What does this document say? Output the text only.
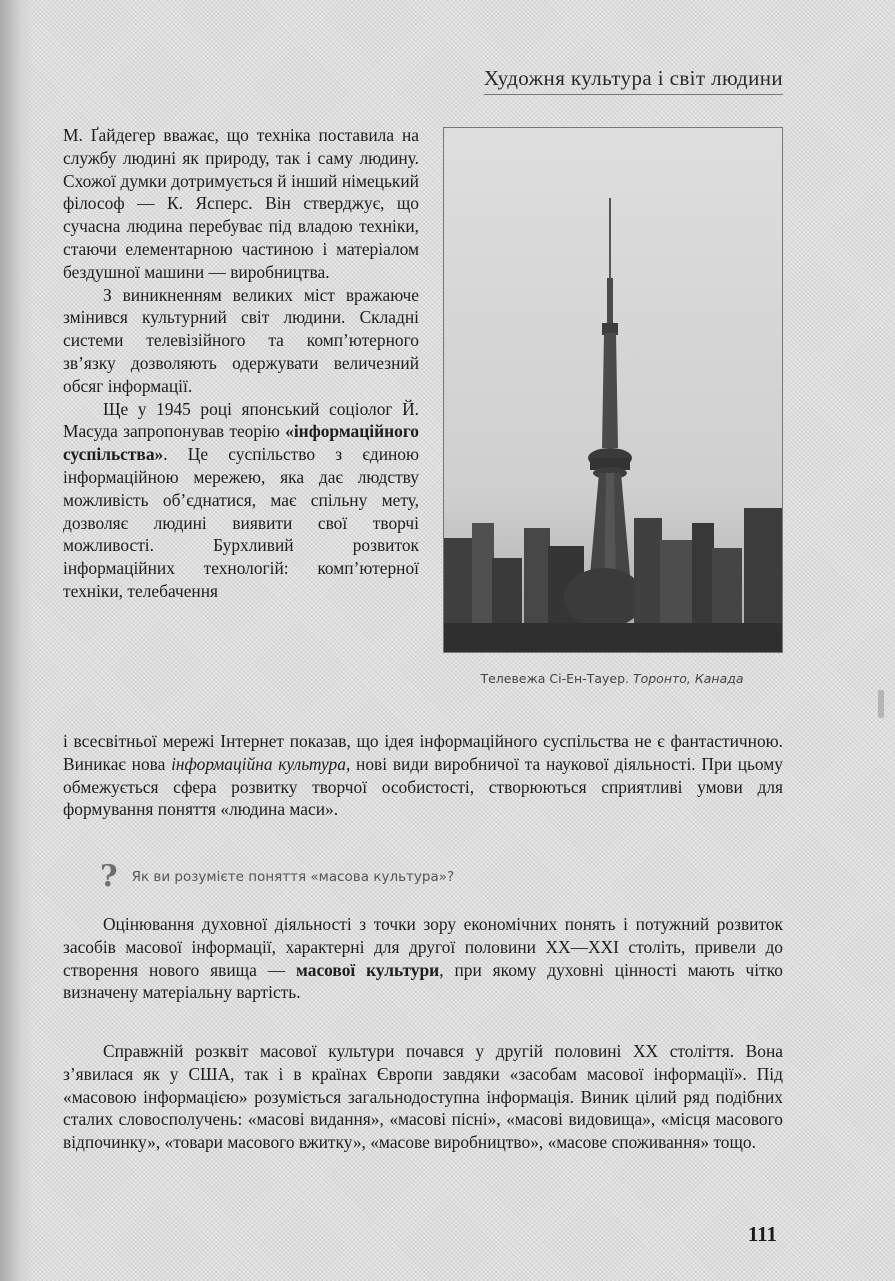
Художня культура і світ людини

М. Ґайдегер вважає, що техніка поставила на службу людині як природу, так і саму людину. Схожої думки дотримується й інший німецький філософ — К. Ясперс. Він стверджує, що сучасна людина перебуває під владою техніки, стаючи елементарною частиною і матеріалом бездушної машини — виробництва.

З виникненням великих міст вражаюче змінився культурний світ людини. Складні системи телевізійного та комп’ютерного зв’язку дозволяють одержувати величезний обсяг інформації.

Ще у 1945 році японський соціолог Й. Масуда запропонував теорію «інформаційного суспільства». Це суспільство з єдиною інформаційною мережею, яка дає людству можливість об’єднатися, має спільну мету, дозволяє людині виявити свої творчі можливості. Бурхливий розвиток інформаційних технологій: комп’ютерної техніки, телебачення

Телевежа Сі-Ен-Тауер. Торонто, Канада

і всесвітньої мережі Інтернет показав, що ідея інформаційного суспільства не є фантастичною. Виникає нова інформаційна культура, нові види виробничої та наукової діяльності. При цьому обмежується сфера розвитку творчої особистості, створюються сприятливі умови для формування поняття «людина маси».

? Як ви розумієте поняття «масова культура»?

Оцінювання духовної діяльності з точки зору економічних понять і потужний розвиток засобів масової інформації, характерні для другої половини XX—XXI століть, привели до створення нового явища — масової культури, при якому духовні цінності мають чітко визначену матеріальну вартість.

Справжній розквіт масової культури почався у другій половині XX століття. Вона з’явилася як у США, так і в країнах Європи завдяки «засобам масової інформації». Під «масовою інформацією» розуміється загальнодоступна інформація. Виник цілий ряд подібних сталих словосполучень: «масові видання», «масові пісні», «масові видовища», «місця масового відпочинку», «товари масового вжитку», «масове виробництво», «масове споживання» тощо.

111
